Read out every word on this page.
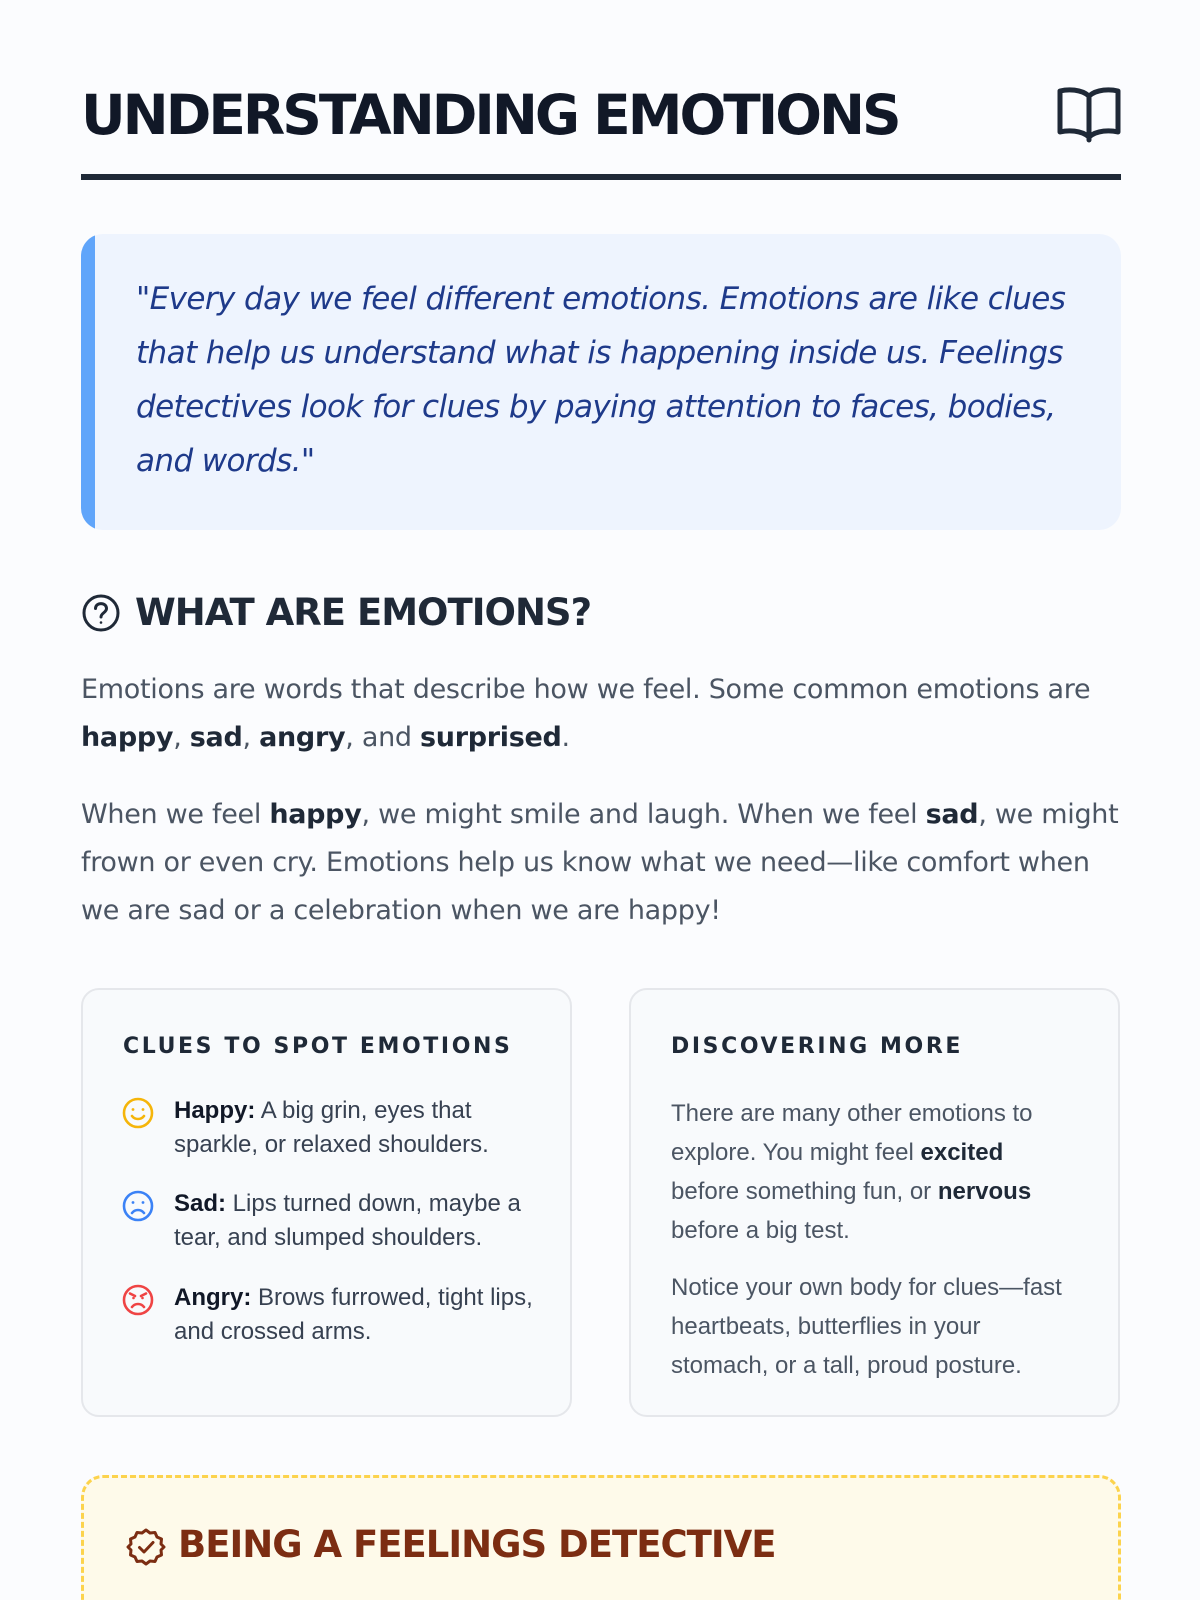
UNDERSTANDING EMOTIONS

"Every day we feel different emotions. Emotions are like clues that help us understand what is happening inside us. Feelings detectives look for clues by paying attention to faces, bodies, and words."

WHAT ARE EMOTIONS?

Emotions are words that describe how we feel. Some common emotions are happy, sad, angry, and surprised.

When we feel happy, we might smile and laugh. When we feel sad, we might frown or even cry. Emotions help us know what we need—like comfort when we are sad or a celebration when we are happy!

CLUES TO SPOT EMOTIONS

Happy: A big grin, eyes that sparkle, or relaxed shoulders.

Sad: Lips turned down, maybe a tear, and slumped shoulders.

Angry: Brows furrowed, tight lips, and crossed arms.

DISCOVERING MORE

There are many other emotions to explore. You might feel excited before something fun, or nervous before a big test.

Notice your own body for clues—fast heartbeats, butterflies in your stomach, or a tall, proud posture.

BEING A FEELINGS DETECTIVE
